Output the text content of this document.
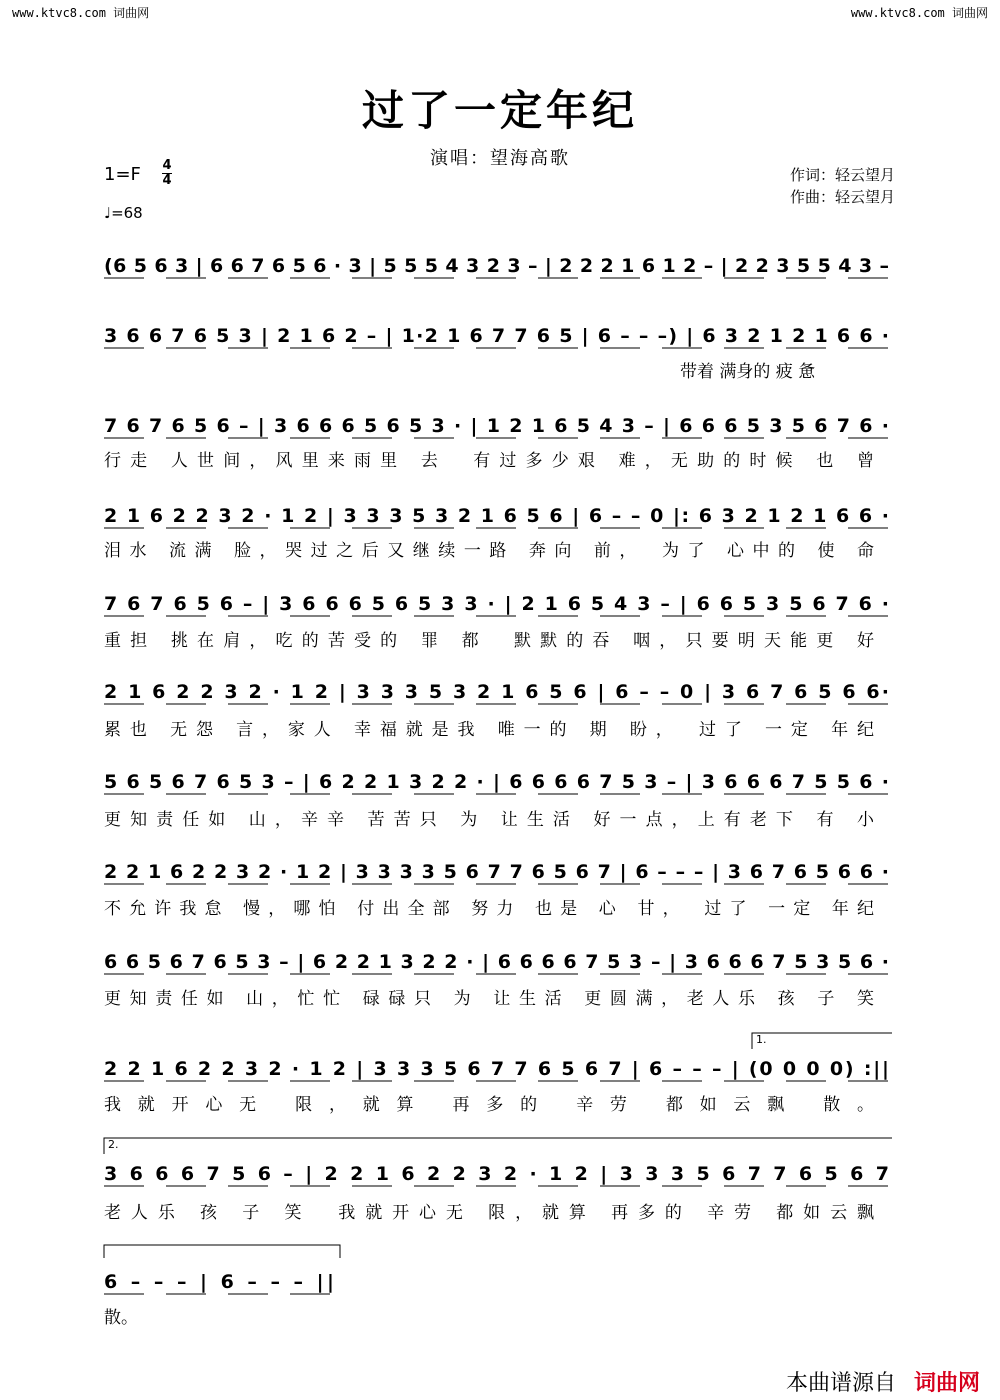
www.ktvc8.com 词曲网	www.ktvc8.com 词曲网
过了一定年纪
演唱：望海高歌
1=F 4
4
♩=68
作词：轻云望月
作曲：轻云望月
(6 5 6 3 | 6 6 7 6 5 6 · 3 | 5 5 5 4 3 2 3 – | 2 2 2 1 6 1 2 – | 2 2 3 5 5 4 3 –
3 6 6 7 6 5 3 | 2 1 6 2 – | 1·2 1 6 7 7 6 5 | 6 – – –) | 6 3 2 1 2 1 6 6 ·
带着 满身的 疲 惫
7 6 7 6 5 6 – | 3 6 6 6 5 6 5 3 · | 1 2 1 6 5 4 3 – | 6 6 6 5 3 5 6 7 6 ·
行走 人世间，风里来雨里 去　有过多少艰 难，无助的时候 也 曾
2 1 6 2 2 3 2 · 1 2 | 3 3 3 5 3 2 1 6 5 6 | 6 – – 0 |: 6 3 2 1 2 1 6 6 ·
泪水 流满 脸，哭过之后又继续一路 奔向 前，　为了 心中的 使 命
7 6 7 6 5 6 – | 3 6 6 6 5 6 5 3 3 · | 2 1 6 5 4 3 – | 6 6 5 3 5 6 7 6 ·
重担 挑在肩，吃的苦受的 罪 都　默默的吞 咽，只要明天能更 好
2 1 6 2 2 3 2 · 1 2 | 3 3 3 5 3 2 1 6 5 6 | 6 – – 0 | 3 6 7 6 5 6 6·
累也 无怨 言，家人 幸福就是我 唯一的 期 盼，　过了 一定 年纪
5 6 5 6 7 6 5 3 – | 6 2 2 1 3 2 2 · | 6 6 6 6 7 5 3 – | 3 6 6 6 7 5 5 6 ·
更知责任如 山，辛辛 苦苦只 为 让生活 好一点，上有老下 有 小
2 2 1 6 2 2 3 2 · 1 2 | 3 3 3 3 5 6 7 7 6 5 6 7 | 6 – – – | 3 6 7 6 5 6 6 ·
不允许我怠 慢，哪怕 付出全部 努力 也是 心 甘，　过了 一定 年纪
6 6 5 6 7 6 5 3 – | 6 2 2 1 3 2 2 · | 6 6 6 6 7 5 3 – | 3 6 6 6 7 5 3 5 6 ·
更知责任如 山，忙忙 碌碌只 为 让生活 更圆满，老人乐 孩 子 笑
2 2 1 6 2 2 3 2 · 1 2 | 3 3 3 5 6 7 7 6 5 6 7 | 6 – – – | (0 0 0 0) :||
我就开心无 限，就算 再多的 辛劳 都如云飘 散。
1.
3 6 6 6 7 5 6 – | 2 2 1 6 2 2 3 2 · 1 2 | 3 3 3 5 6 7 7 6 5 6 7
老人乐 孩 子 笑　我就开心无 限，就算 再多的 辛劳 都如云飘
2.
6 – – – | 6 – – – ||
散。
本曲谱源自 词曲网
